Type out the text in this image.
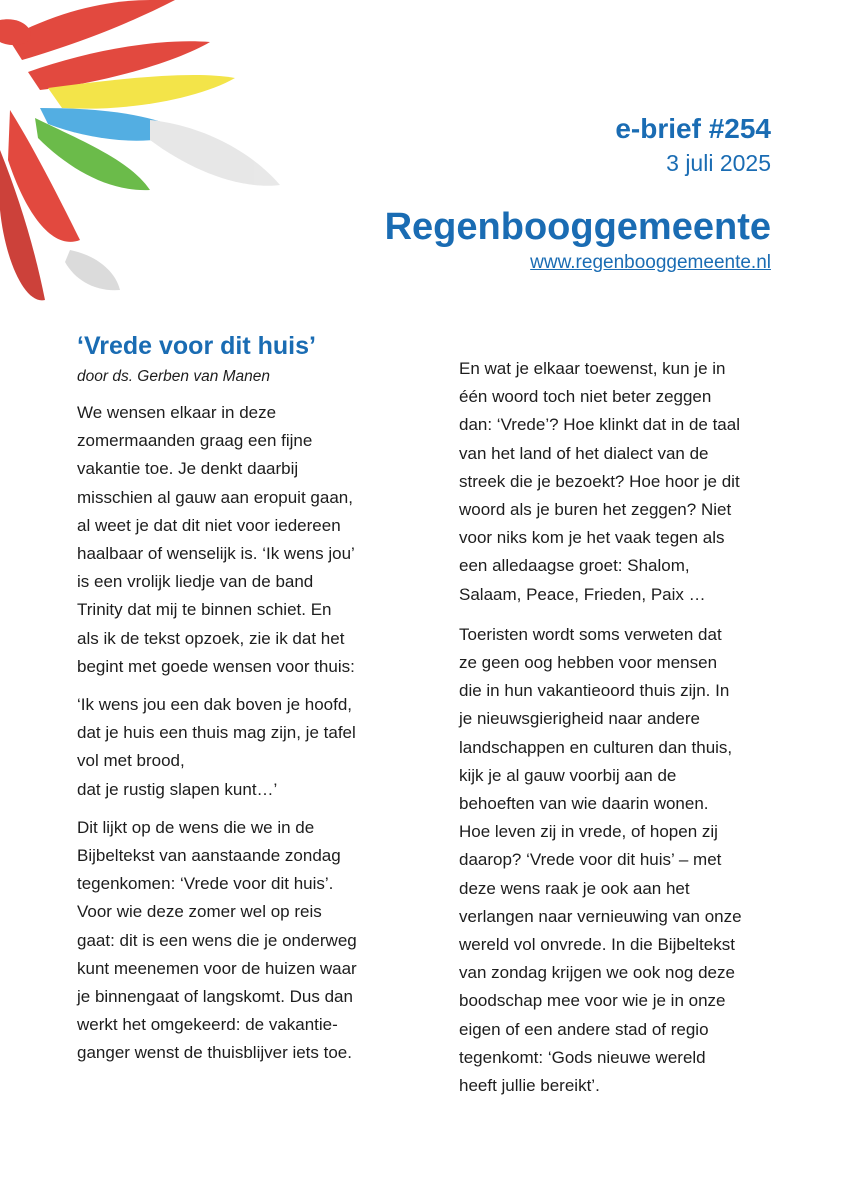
e-brief #254
3 juli 2025
Regenbooggemeente
www.regenbooggemeente.nl
‘Vrede voor dit huis’
door ds. Gerben van Manen

We wensen elkaar in deze
zomermaanden graag een fijne
vakantie toe. Je denkt daarbij
misschien al gauw aan eropuit gaan,
al weet je dat dit niet voor iedereen
haalbaar of wenselijk is. ‘Ik wens jou’
is een vrolijk liedje van de band
Trinity dat mij te binnen schiet. En
als ik de tekst opzoek, zie ik dat het
begint met goede wensen voor thuis:

‘Ik wens jou een dak boven je hoofd,
dat je huis een thuis mag zijn, je tafel
vol met brood,
dat je rustig slapen kunt…’

Dit lijkt op de wens die we in de
Bijbeltekst van aanstaande zondag
tegenkomen: ‘Vrede voor dit huis’.
Voor wie deze zomer wel op reis
gaat: dit is een wens die je onderweg
kunt meenemen voor de huizen waar
je binnengaat of langskomt. Dus dan
werkt het omgekeerd: de vakantie-
ganger wenst de thuisblijver iets toe.

En wat je elkaar toewenst, kun je in
één woord toch niet beter zeggen
dan: ‘Vrede’? Hoe klinkt dat in de taal
van het land of het dialect van de
streek die je bezoekt? Hoe hoor je dit
woord als je buren het zeggen? Niet
voor niks kom je het vaak tegen als
een alledaagse groet: Shalom,
Salaam, Peace, Frieden, Paix …

Toeristen wordt soms verweten dat
ze geen oog hebben voor mensen
die in hun vakantieoord thuis zijn. In
je nieuwsgierigheid naar andere
landschappen en culturen dan thuis,
kijk je al gauw voorbij aan de
behoeften van wie daarin wonen.
Hoe leven zij in vrede, of hopen zij
daarop? ‘Vrede voor dit huis’ – met
deze wens raak je ook aan het
verlangen naar vernieuwing van onze
wereld vol onvrede. In die Bijbeltekst
van zondag krijgen we ook nog deze
boodschap mee voor wie je in onze
eigen of een andere stad of regio
tegenkomt: ‘Gods nieuwe wereld
heeft jullie bereikt’.
